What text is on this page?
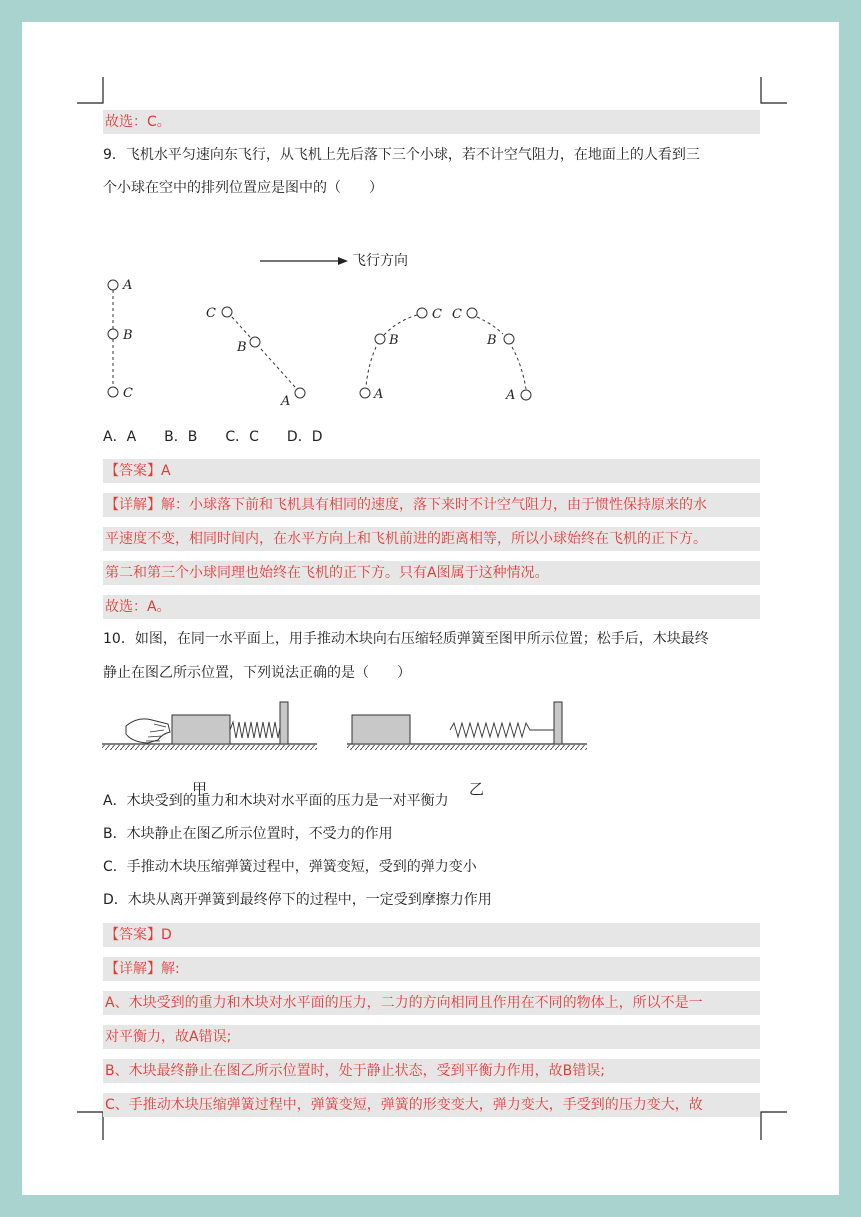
故选：C。
9．飞机水平匀速向东飞行，从飞机上先后落下三个小球，若不计空气阻力，在地面上的人看到三
个小球在空中的排列位置应是图中的（　　）
飞行方向
A
B
C
C
B
A
C
B
A
C
B
A
A．A　　B．B　　C．C　　D．D
【答案】A
【详解】解：小球落下前和飞机具有相同的速度，落下来时不计空气阻力，由于惯性保持原来的水
平速度不变，相同时间内，在水平方向上和飞机前进的距离相等，所以小球始终在飞机的正下方。
第二和第三个小球同理也始终在飞机的正下方。只有A图属于这种情况。
故选：A。
10．如图，在同一水平面上，用手推动木块向右压缩轻质弹簧至图甲所示位置；松手后，木块最终
静止在图乙所示位置，下列说法正确的是（　　）
甲	乙
A．木块受到的重力和木块对水平面的压力是一对平衡力
B．木块静止在图乙所示位置时，不受力的作用
C．手推动木块压缩弹簧过程中，弹簧变短，受到的弹力变小
D．木块从离开弹簧到最终停下的过程中，一定受到摩擦力作用
【答案】D
【详解】解:
A、木块受到的重力和木块对水平面的压力，二力的方向相同且作用在不同的物体上，所以不是一
对平衡力，故A错误;
B、木块最终静止在图乙所示位置时，处于静止状态，受到平衡力作用，故B错误;
C、手推动木块压缩弹簧过程中，弹簧变短，弹簧的形变变大，弹力变大，手受到的压力变大，故
